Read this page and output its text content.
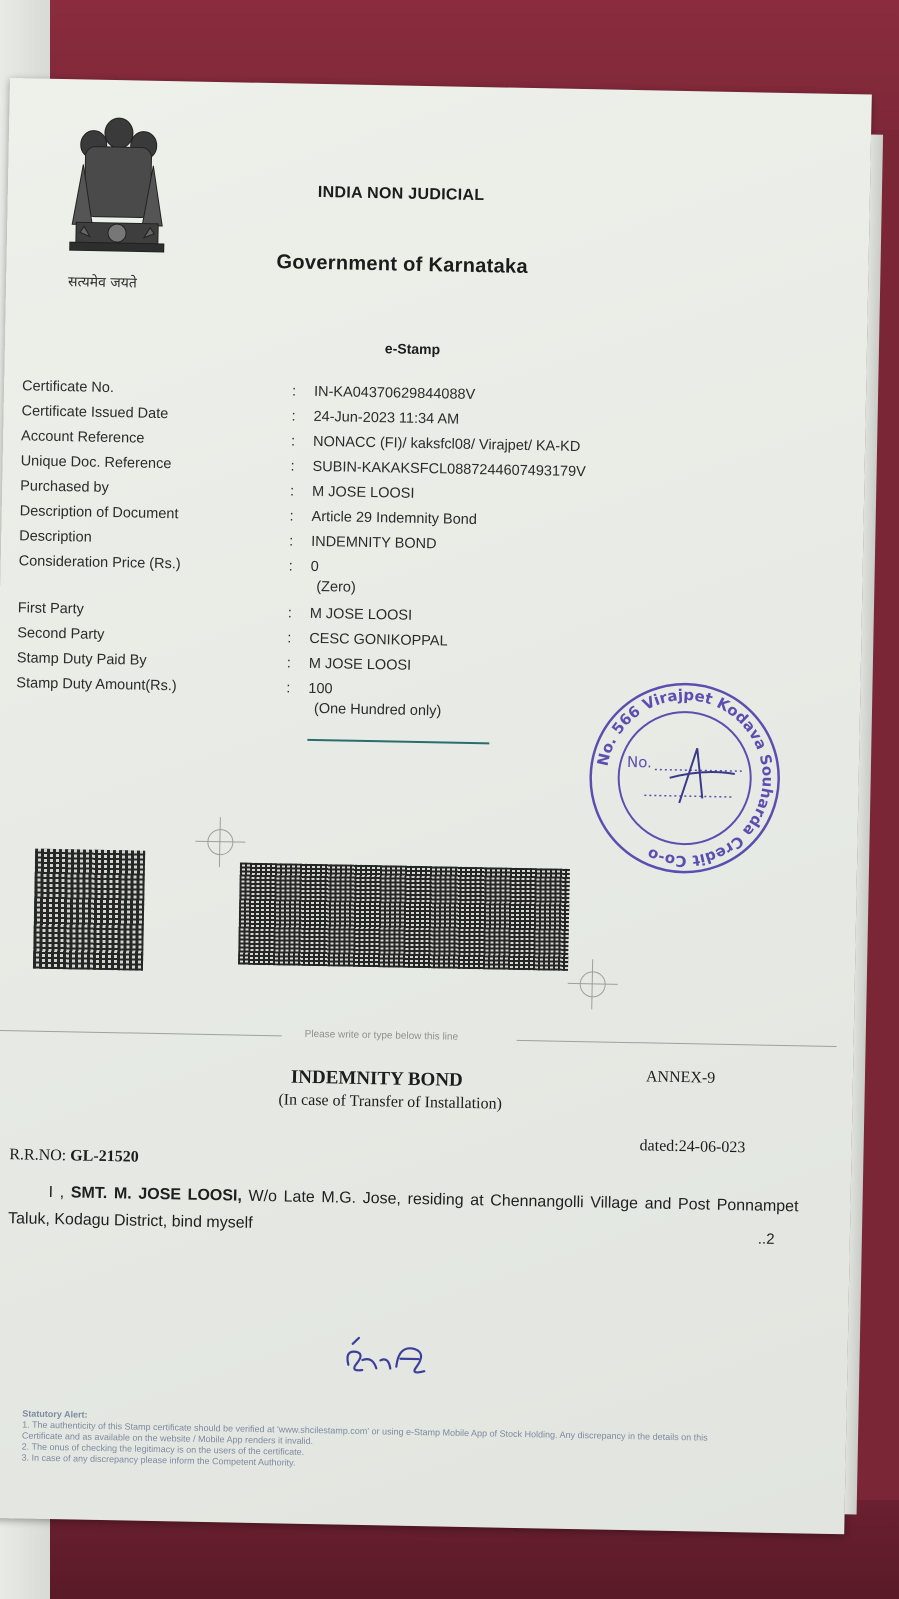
सत्यमेव जयते
INDIA NON JUDICIAL
Government of Karnataka
e-Stamp
Certificate No.	: IN-KA04370629844088V
Certificate Issued Date	: 24-Jun-2023 11:34 AM
Account Reference	: NONACC (FI)/ kaksfcl08/ Virajpet/ KA-KD
Unique Doc. Reference	: SUBIN-KAKAKSFCL0887244607493179V
Purchased by	: M JOSE LOOSI
Description of Document	: Article 29 Indemnity Bond
Description	: INDEMNITY BOND
Consideration Price (Rs.)	: 0
(Zero)
First Party	: M JOSE LOOSI
Second Party	: CESC GONIKOPPAL
Stamp Duty Paid By	: M JOSE LOOSI
Stamp Duty Amount(Rs.)	: 100
(One Hundred only)
No. 566 Virajpet Kodava Souharda Credit Co-o
No.
Please write or type below this line
INDEMNITY BOND	ANNEX-9
(In case of Transfer of Installation)
dated:24-06-023
R.R.NO: GL-21520
I , SMT. M. JOSE LOOSI, W/o Late M.G. Jose, residing at Chennangolli Village and Post Ponnampet Taluk, Kodagu District, bind myself
..2
Statutory Alert:
1. The authenticity of this Stamp certificate should be verified at 'www.shcilestamp.com' or using e-Stamp Mobile App of Stock Holding. Any discrepancy in the details on this Certificate and as available on the website / Mobile App renders it invalid.
2. The onus of checking the legitimacy is on the users of the certificate.
3. In case of any discrepancy please inform the Competent Authority.
